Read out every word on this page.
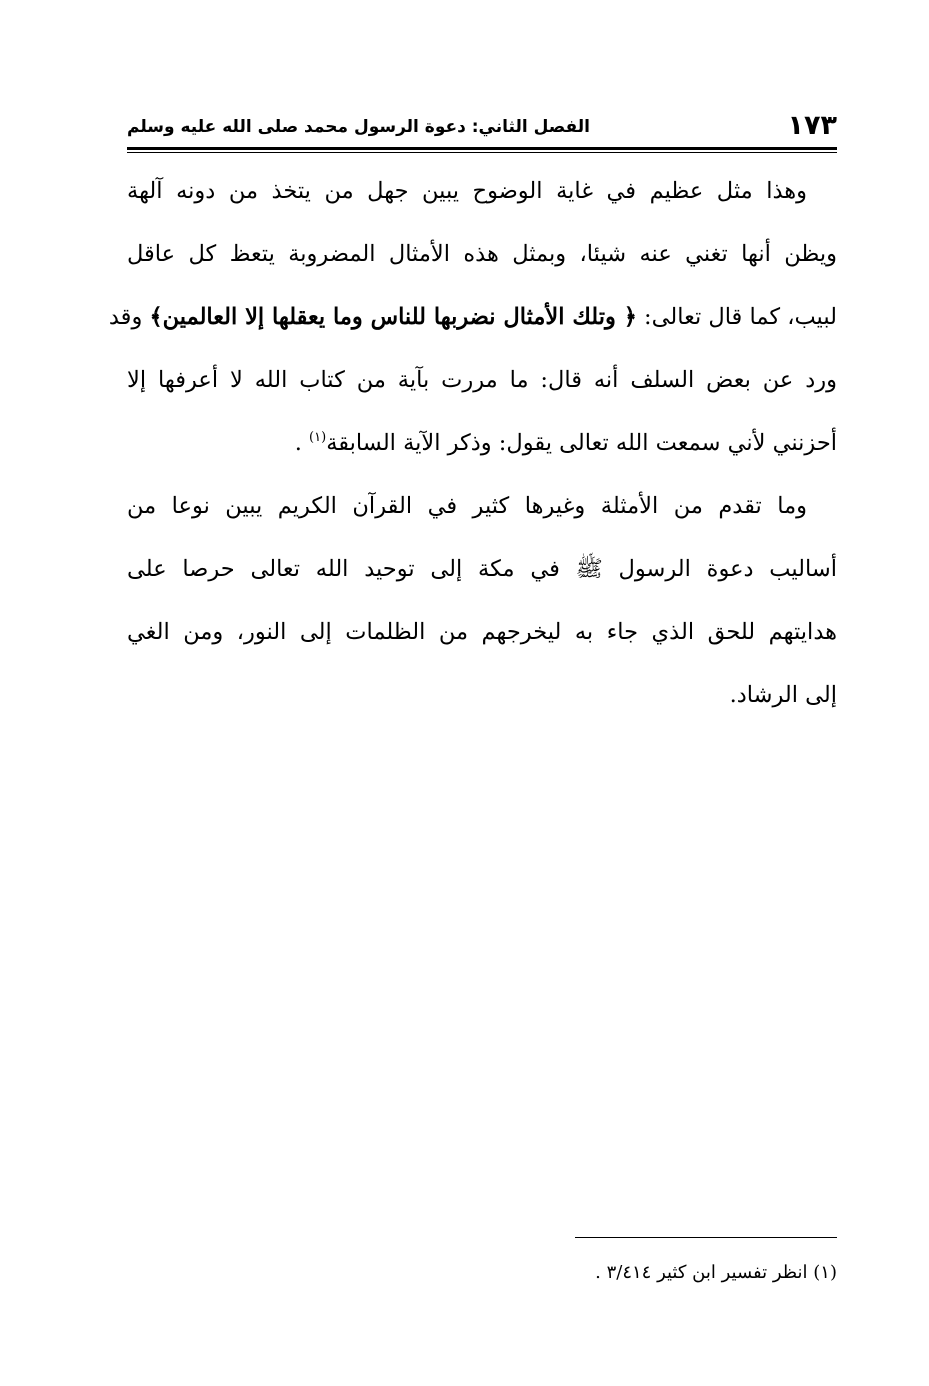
١٧٣
الفصل الثاني: دعوة الرسول محمد صلى الله عليه وسلم
وهذا مثل عظيم في غاية الوضوح يبين جهل من يتخذ من دونه آلهة
ويظن أنها تغني عنه شيئا، وبمثل هذه الأمثال المضروبة يتعظ كل عاقل
لبيب، كما قال تعالى: ﴿ وتلك الأمثال نضربها للناس وما يعقلها إلا العالمين﴾ وقد
ورد عن بعض السلف أنه قال: ما مررت بآية من كتاب الله لا أعرفها إلا
أحزنني لأني سمعت الله تعالى يقول: وذكر الآية السابقة$^{(١)}$ .
وما تقدم من الأمثلة وغيرها كثير في القرآن الكريم يبين نوعا من
أساليب دعوة الرسول ﷺ في مكة إلى توحيد الله تعالى حرصا على
هدايتهم للحق الذي جاء به ليخرجهم من الظلمات إلى النور، ومن الغي
إلى الرشاد.
(١) انظر تفسير ابن كثير ٣/٤١٤ .
